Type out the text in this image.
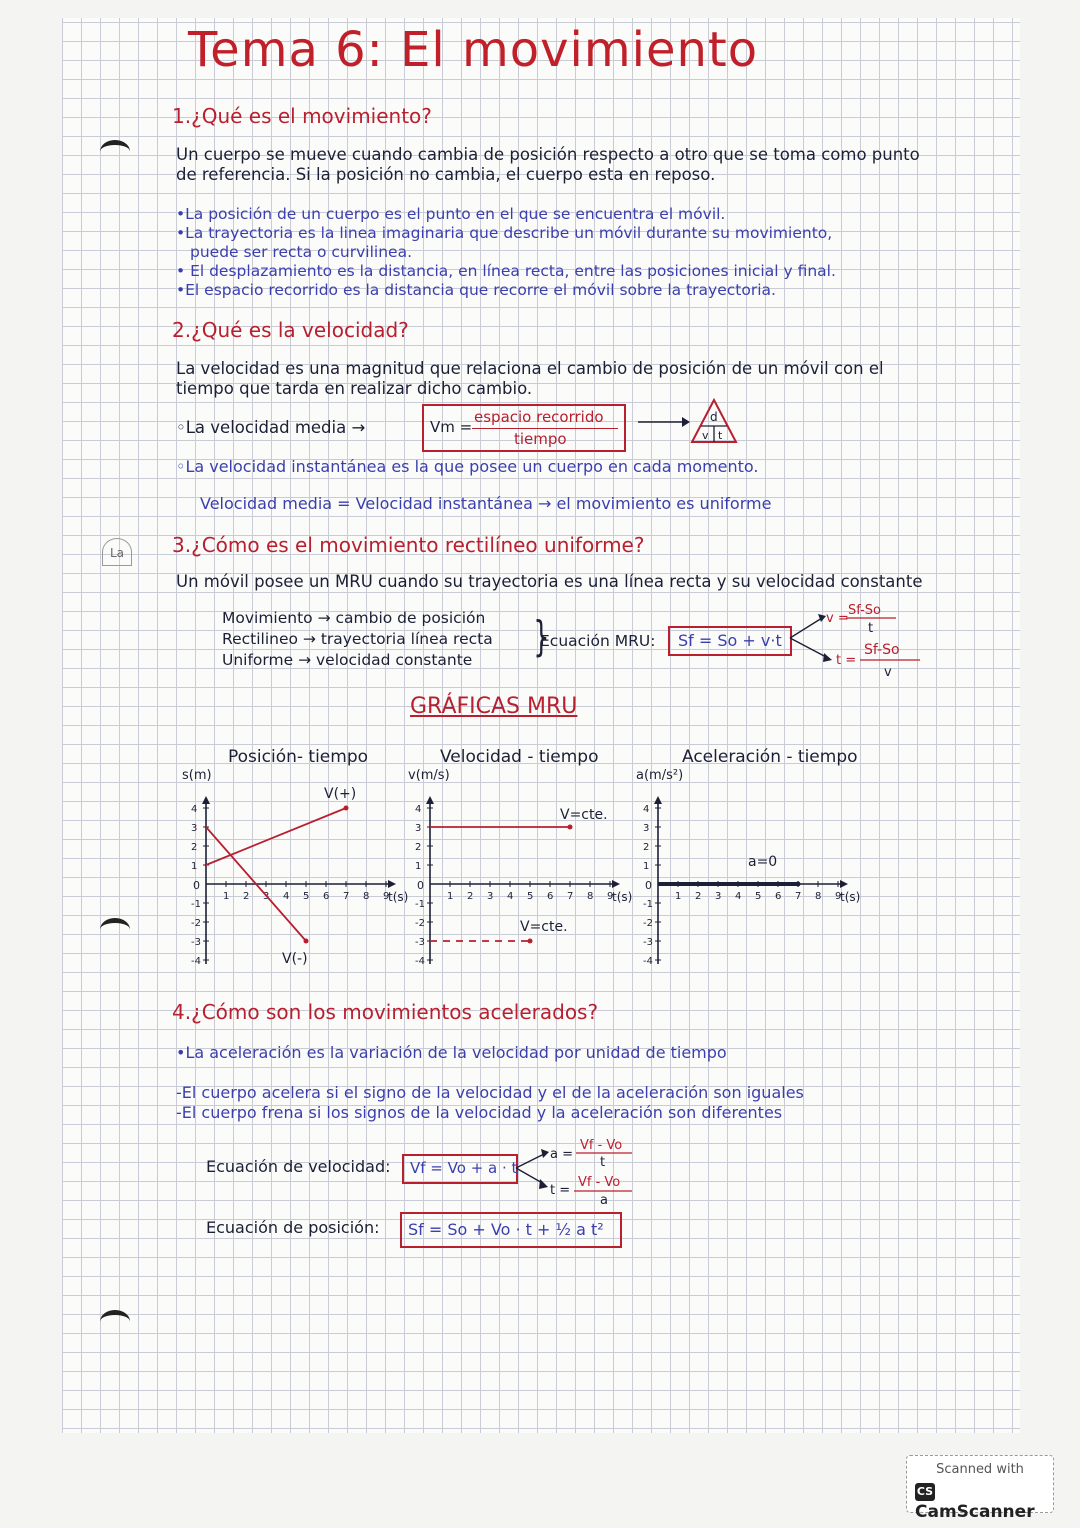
La
Tema 6: El movimiento
1.¿Qué es el movimiento?
Un cuerpo se mueve cuando cambia de posición respecto a otro que se toma como punto
de referencia. Si la posición no cambia, el cuerpo esta en reposo.
•La posición de un cuerpo es el punto en el que se encuentra el móvil.
•La trayectoria es la linea imaginaria que describe un móvil durante su movimiento,
puede ser recta o curvilinea.
• El desplazamiento es la distancia, en línea recta, entre las posiciones inicial y final.
•El espacio recorrido es la distancia que recorre el móvil sobre la trayectoria.
2.¿Qué es la velocidad?
La velocidad es una magnitud que relaciona el cambio de posición de un móvil con el
tiempo que tarda en realizar dicho cambio.
◦La velocidad media →	Vm =
espacio recorrido
tiempo
d
v t
◦La velocidad instantánea es la que posee un cuerpo en cada momento.
Velocidad media = Velocidad instantánea → el movimiento es uniforme
3.¿Cómo es el movimiento rectilíneo uniforme?
Un móvil posee un MRU cuando su trayectoria es una línea recta y su velocidad constante
Movimiento → cambio de posición
Rectilineo → trayectoria línea recta
Uniforme → velocidad constante }
Ecuación MRU: Sf = So + v·t
v =
Sf-So
t
t =
Sf-So
v
GRÁFICAS MRU
Posición- tiempo	Velocidad - tiempo	Aceleración - tiempo
s(m)	v(m/s)	a(m/s²)
-4
-3
-2
-1
0
1
2
3
4
1 2 3 4 5 6 7 8 9
t(s)
V(+)
V(-)	-4
-3
-2
-1
0
1
2
3
4
1 2 3 4 5 6 7 8 9
t(s)
V=cte.
V=cte.
-4
-3
-2
-1
0
1
2
3
4
1 2 3 4 5 6 7 8 9
t(s)
a=0
4.¿Cómo son los movimientos acelerados?
•La aceleración es la variación de la velocidad por unidad de tiempo
-El cuerpo acelera si el signo de la velocidad y el de la aceleración son iguales
-El cuerpo frena si los signos de la velocidad y la aceleración son diferentes
Ecuación de velocidad: Vf = Vo + a · t
a =
Vf - Vo
t
t =
Vf - Vo
a
Ecuación de posición: Sf = So + Vo · t + ½ a t²
Scanned with
CSCamScanner
